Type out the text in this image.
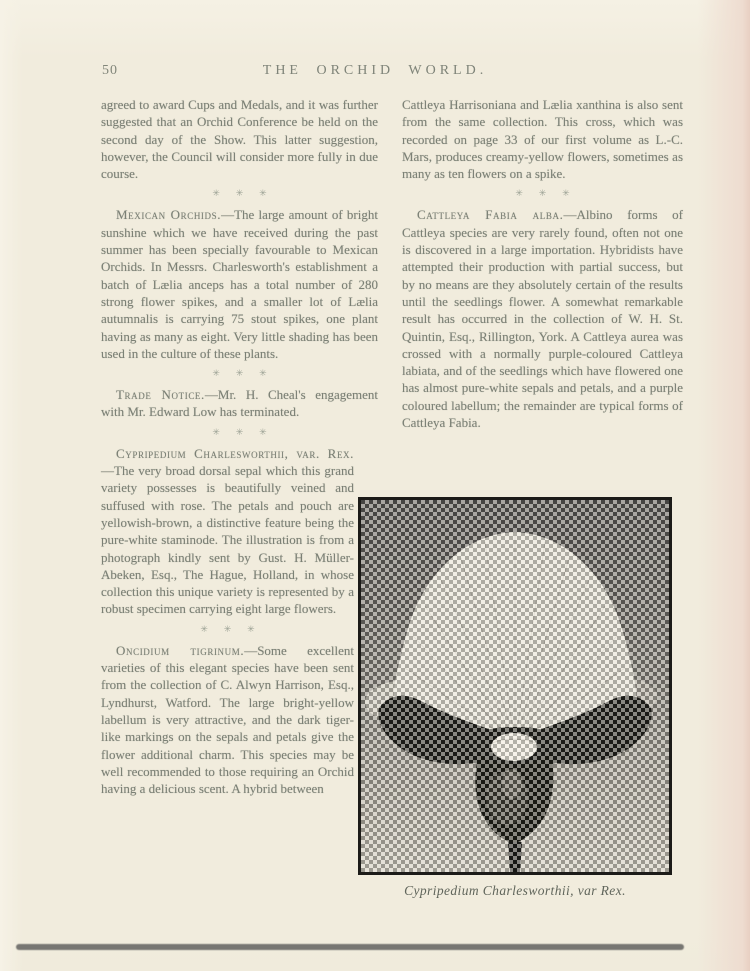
50	THE ORCHID WORLD.

agreed to award Cups and Medals, and it was further suggested that an Orchid Conference be held on the second day of the Show. This latter suggestion, however, the Council will consider more fully in due course.

✳ ✳ ✳

Mexican Orchids.—The large amount of bright sunshine which we have received during the past summer has been specially favourable to Mexican Orchids. In Messrs. Charlesworth's establishment a batch of Lælia anceps has a total number of 280 strong flower spikes, and a smaller lot of Lælia autumnalis is carrying 75 stout spikes, one plant having as many as eight. Very little shading has been used in the culture of these plants.

✳ ✳ ✳

Trade Notice.—Mr. H. Cheal's engagement with Mr. Edward Low has terminated.

✳ ✳ ✳

Cypripedium Charlesworthii, var. Rex.—The very broad dorsal sepal which this grand variety possesses is beautifully veined and suffused with rose. The petals and pouch are yellowish-brown, a distinctive feature being the pure-white staminode. The illustration is from a photograph kindly sent by Gust. H. Müller-Abeken, Esq., The Hague, Holland, in whose collection this unique variety is represented by a robust specimen carrying eight large flowers.

✳ ✳ ✳

Oncidium tigrinum.—Some excellent varieties of this elegant species have been sent from the collection of C. Alwyn Harrison, Esq., Lyndhurst, Watford. The large bright-yellow labellum is very attractive, and the dark tiger-like markings on the sepals and petals give the flower additional charm. This species may be well recommended to those requiring an Orchid having a delicious scent. A hybrid between

Cattleya Harrisoniana and Lælia xanthina is also sent from the same collection. This cross, which was recorded on page 33 of our first volume as L.-C. Mars, produces creamy-yellow flowers, sometimes as many as ten flowers on a spike.

✳ ✳ ✳

Cattleya Fabia alba.—Albino forms of Cattleya species are very rarely found, often not one is discovered in a large importation. Hybridists have attempted their production with partial success, but by no means are they absolutely certain of the results until the seedlings flower. A somewhat remarkable result has occurred in the collection of W. H. St. Quintin, Esq., Rillington, York. A Cattleya aurea was crossed with a normally purple-coloured Cattleya labiata, and of the seedlings which have flowered one has almost pure-white sepals and petals, and a purple coloured labellum; the remainder are typical forms of Cattleya Fabia.

Cypripedium Charlesworthii, var Rex.
